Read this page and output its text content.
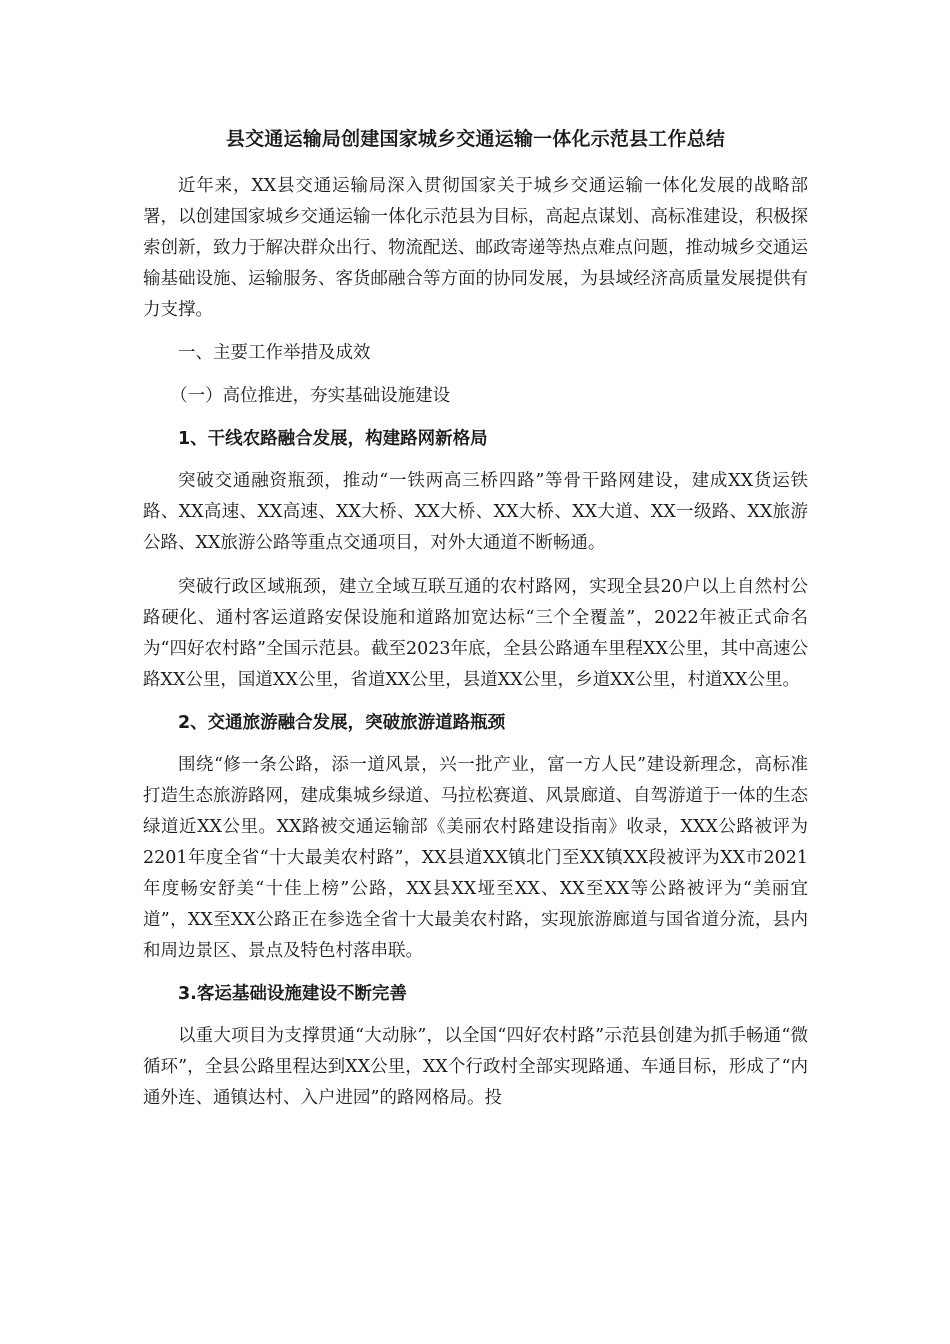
县交通运输局创建国家城乡交通运输一体化示范县工作总结

近年来，XX县交通运输局深入贯彻国家关于城乡交通运输一体化发展的战略部署，以创建国家城乡交通运输一体化示范县为目标，高起点谋划、高标准建设，积极探索创新，致力于解决群众出行、物流配送、邮政寄递等热点难点问题，推动城乡交通运输基础设施、运输服务、客货邮融合等方面的协同发展，为县域经济高质量发展提供有力支撑。

一、主要工作举措及成效

（一）高位推进，夯实基础设施建设

1、干线农路融合发展，构建路网新格局

突破交通融资瓶颈，推动“一铁两高三桥四路”等骨干路网建设，建成XX货运铁路、XX高速、XX高速、XX大桥、XX大桥、XX大桥、XX大道、XX一级路、XX旅游公路、XX旅游公路等重点交通项目，对外大通道不断畅通。

突破行政区域瓶颈，建立全域互联互通的农村路网，实现全县20户以上自然村公路硬化、通村客运道路安保设施和道路加宽达标“三个全覆盖”，2022年被正式命名为“四好农村路”全国示范县。截至2023年底，全县公路通车里程XX公里，其中高速公路XX公里，国道XX公里，省道XX公里，县道XX公里，乡道XX公里，村道XX公里。

2、交通旅游融合发展，突破旅游道路瓶颈

围绕“修一条公路，添一道风景，兴一批产业，富一方人民”建设新理念，高标准打造生态旅游路网，建成集城乡绿道、马拉松赛道、风景廊道、自驾游道于一体的生态绿道近XX公里。XX路被交通运输部《美丽农村路建设指南》收录，XXX公路被评为2201年度全省“十大最美农村路”，XX县道XX镇北门至XX镇XX段被评为XX市2021年度畅安舒美“十佳上榜”公路，XX县XX垭至XX、XX至XX等公路被评为“美丽宜道”，XX至XX公路正在参选全省十大最美农村路，实现旅游廊道与国省道分流，县内和周边景区、景点及特色村落串联。

3.客运基础设施建设不断完善

以重大项目为支撑贯通“大动脉”，以全国“四好农村路”示范县创建为抓手畅通“微循环”，全县公路里程达到XX公里，XX个行政村全部实现路通、车通目标，形成了“内通外连、通镇达村、入户进园”的路网格局。投
